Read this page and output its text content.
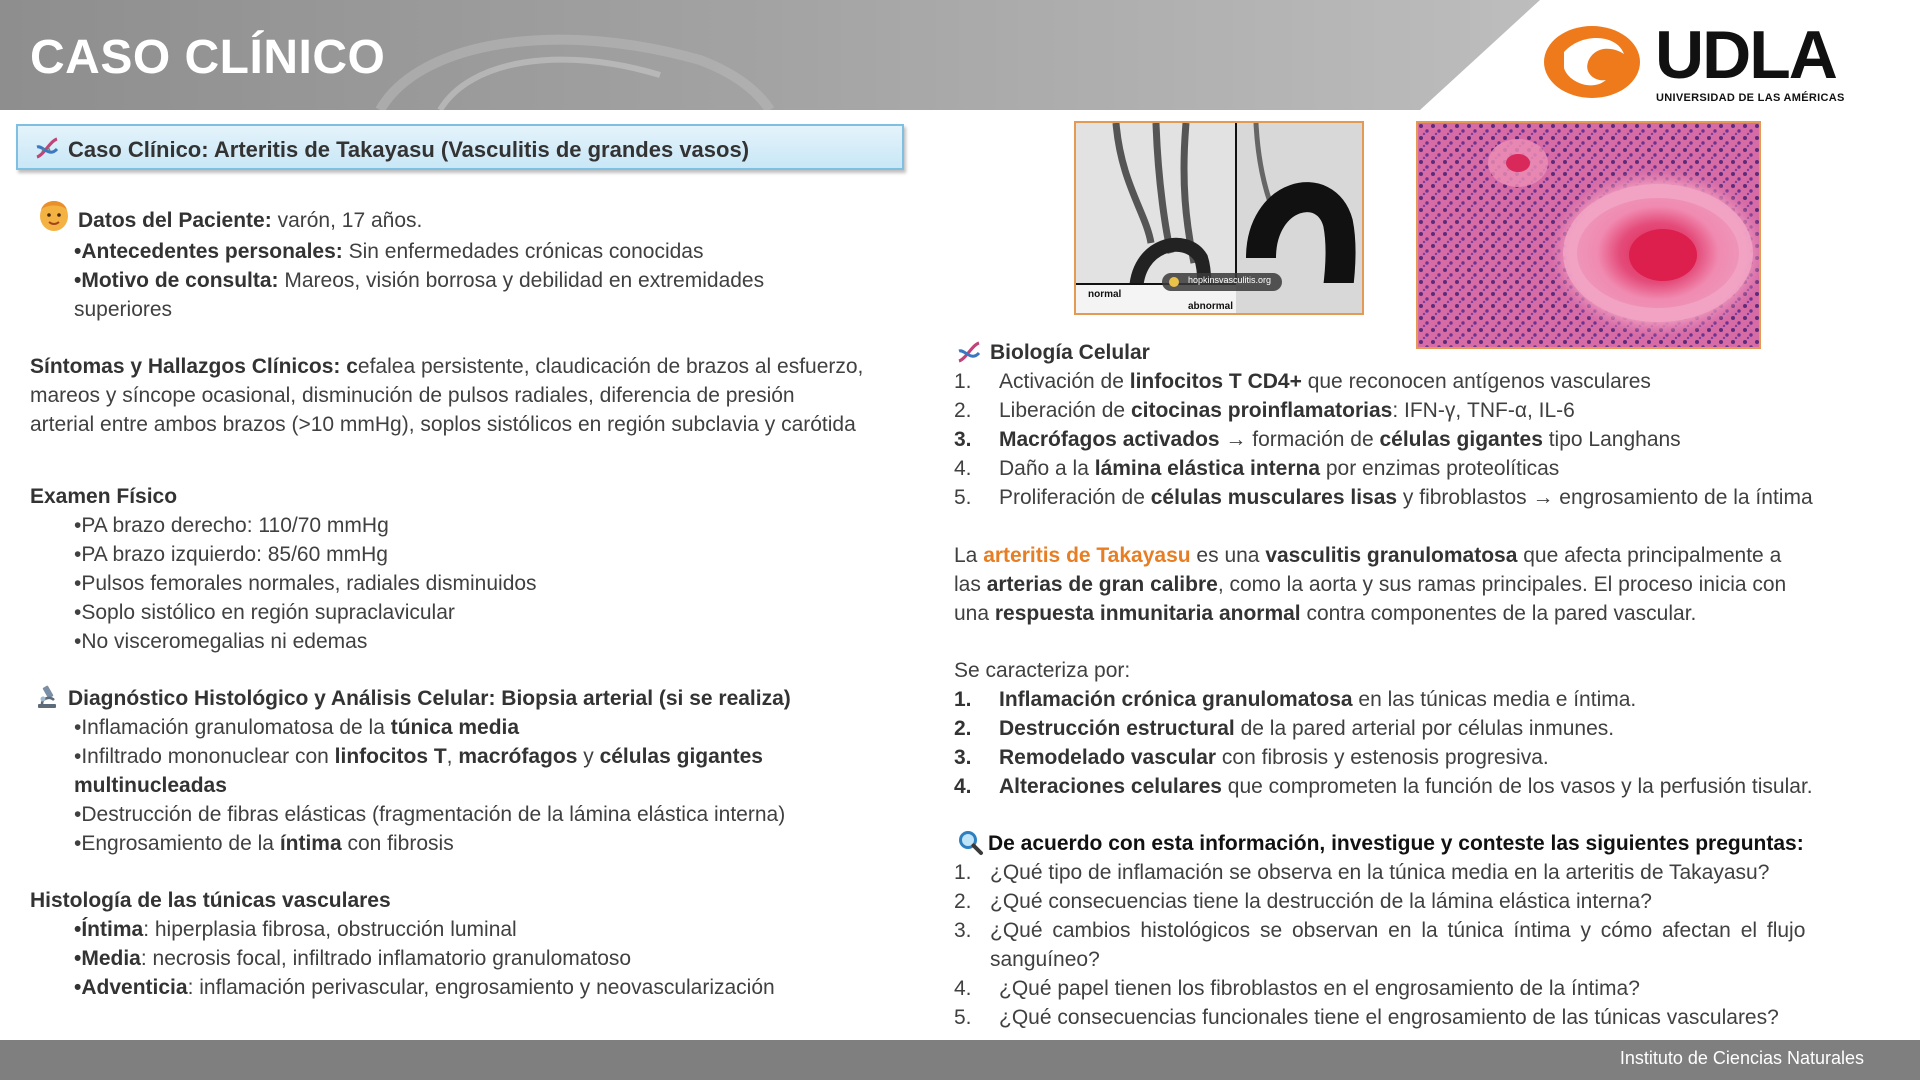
CASO CLÍNICO	UDLA
UNIVERSIDAD DE LAS AMÉRICAS
Caso Clínico: Arteritis de Takayasu (Vasculitis de grandes vasos)
Datos del Paciente: varón, 17 años.
•Antecedentes personales: Sin enfermedades crónicas conocidas
•Motivo de consulta: Mareos, visión borrosa y debilidad en extremidades
superiores
Síntomas y Hallazgos Clínicos: cefalea persistente, claudicación de brazos al esfuerzo,
mareos y síncope ocasional, disminución de pulsos radiales, diferencia de presión
arterial entre ambos brazos (>10 mmHg), soplos sistólicos en región subclavia y carótida
Examen Físico
•PA brazo derecho: 110/70 mmHg
•PA brazo izquierdo: 85/60 mmHg
•Pulsos femorales normales, radiales disminuidos
•Soplo sistólico en región supraclavicular
•No visceromegalias ni edemas
Diagnóstico Histológico y Análisis Celular: Biopsia arterial (si se realiza)
•Inflamación granulomatosa de la túnica media
•Infiltrado mononuclear con linfocitos T, macrófagos y células gigantes
multinucleadas
•Destrucción de fibras elásticas (fragmentación de la lámina elástica interna)
•Engrosamiento de la íntima con fibrosis
Histología de las túnicas vasculares
•Íntima: hiperplasia fibrosa, obstrucción luminal
•Media: necrosis focal, infiltrado inflamatorio granulomatoso
•Adventicia: inflamación perivascular, engrosamiento y neovascularización
hopkinsvasculitis.org
normal
abnormal
Biología Celular
1. Activación de linfocitos T CD4+ que reconocen antígenos vasculares
2. Liberación de citocinas proinflamatorias: IFN-γ, TNF-α, IL-6
3. Macrófagos activados → formación de células gigantes tipo Langhans
4. Daño a la lámina elástica interna por enzimas proteolíticas
5. Proliferación de células musculares lisas y fibroblastos → engrosamiento de la íntima
La arteritis de Takayasu es una vasculitis granulomatosa que afecta principalmente a
las arterias de gran calibre, como la aorta y sus ramas principales. El proceso inicia con
una respuesta inmunitaria anormal contra componentes de la pared vascular.
Se caracteriza por:
1. Inflamación crónica granulomatosa en las túnicas media e íntima.
2. Destrucción estructural de la pared arterial por células inmunes.
3. Remodelado vascular con fibrosis y estenosis progresiva.
4. Alteraciones celulares que comprometen la función de los vasos y la perfusión tisular.
De acuerdo con esta información, investigue y conteste las siguientes preguntas:
1. ¿Qué tipo de inflamación se observa en la túnica media en la arteritis de Takayasu?
2. ¿Qué consecuencias tiene la destrucción de la lámina elástica interna?
3. ¿Qué cambios histológicos se observan en la túnica íntima y cómo afectan el flujo
sanguíneo?
4. ¿Qué papel tienen los fibroblastos en el engrosamiento de la íntima?
5. ¿Qué consecuencias funcionales tiene el engrosamiento de las túnicas vasculares?
Instituto de Ciencias Naturales
